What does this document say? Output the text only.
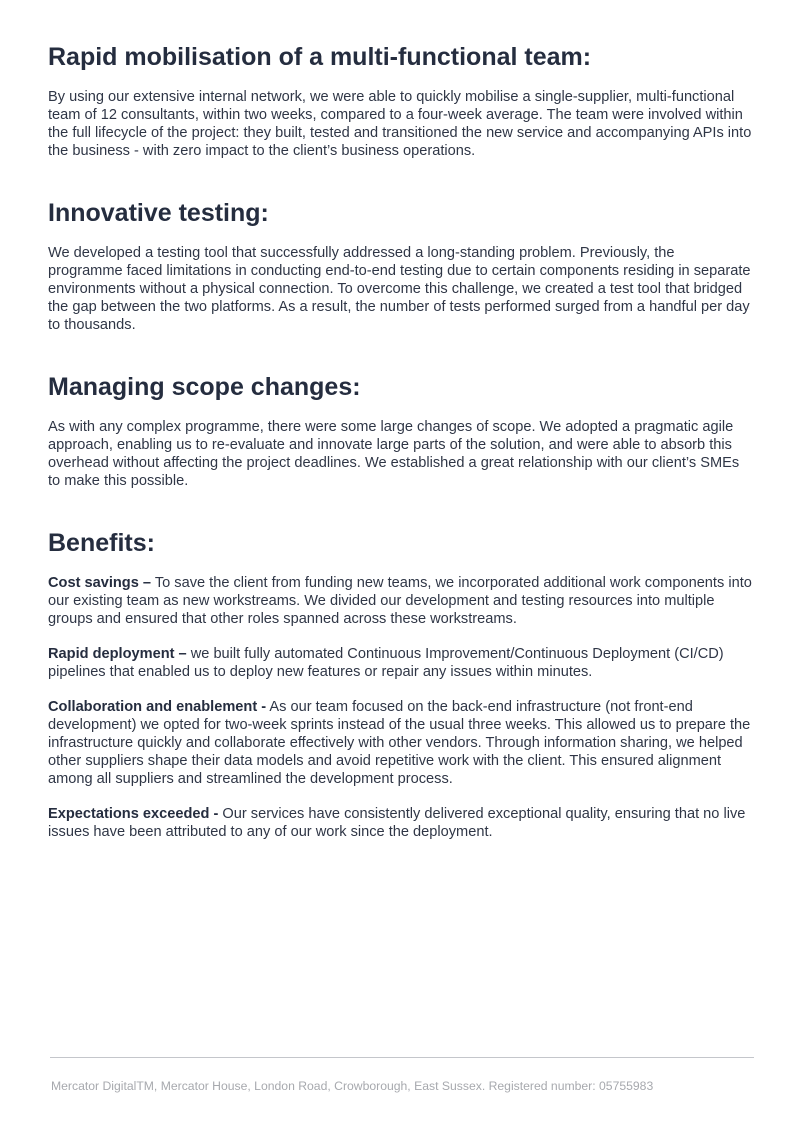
Rapid mobilisation of a multi-functional team:

By using our extensive internal network, we were able to quickly mobilise a single-supplier, multi-functional team of 12 consultants, within two weeks, compared to a four-week average. The team were involved within the full lifecycle of the project: they built, tested and transitioned the new service and accompanying APIs into the business - with zero impact to the client’s business operations.

Innovative testing:

We developed a testing tool that successfully addressed a long-standing problem. Previously, the programme faced limitations in conducting end-to-end testing due to certain components residing in separate environments without a physical connection. To overcome this challenge, we created a test tool that bridged the gap between the two platforms. As a result, the number of tests performed surged from a handful per day to thousands.

Managing scope changes:

As with any complex programme, there were some large changes of scope. We adopted a pragmatic agile approach, enabling us to re-evaluate and innovate large parts of the solution, and were able to absorb this overhead without affecting the project deadlines. We established a great relationship with our client’s SMEs to make this possible.

Benefits:

Cost savings – To save the client from funding new teams, we incorporated additional work components into our existing team as new workstreams. We divided our development and testing resources into multiple groups and ensured that other roles spanned across these workstreams.

Rapid deployment – we built fully automated Continuous Improvement/Continuous Deployment (CI/CD) pipelines that enabled us to deploy new features or repair any issues within minutes.

Collaboration and enablement - As our team focused on the back-end infrastructure (not front-end development) we opted for two-week sprints instead of the usual three weeks. This allowed us to prepare the infrastructure quickly and collaborate effectively with other vendors. Through information sharing, we helped other suppliers shape their data models and avoid repetitive work with the client. This ensured alignment among all suppliers and streamlined the development process.

Expectations exceeded - Our services have consistently delivered exceptional quality, ensuring that no live issues have been attributed to any of our work since the deployment.

Mercator DigitalTM, Mercator House, London Road, Crowborough, East Sussex. Registered number: 05755983
